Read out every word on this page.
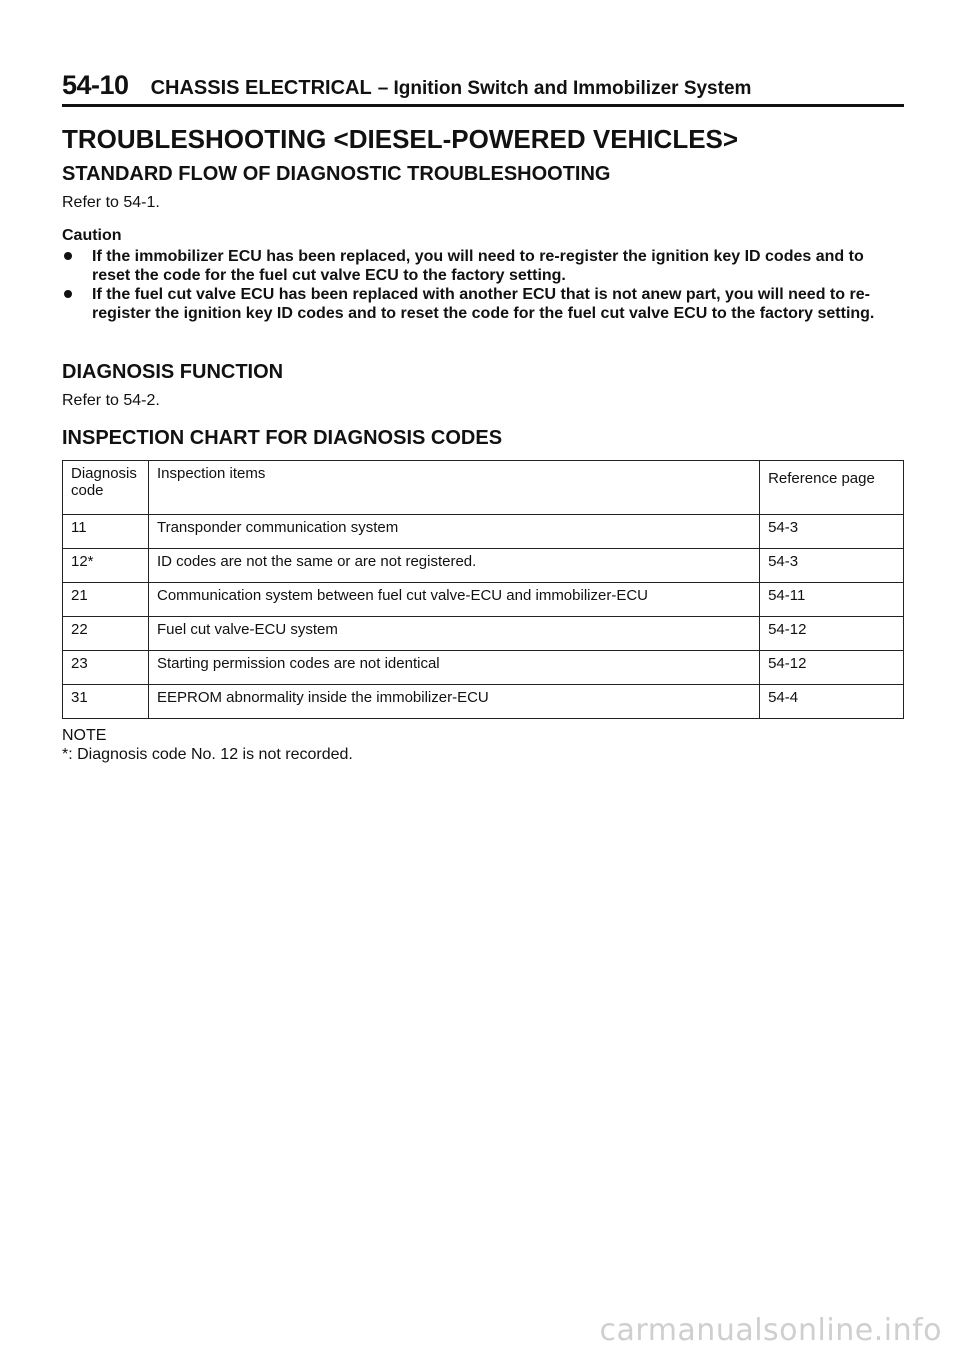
54-10 CHASSIS ELECTRICAL – Ignition Switch and Immobilizer System
TROUBLESHOOTING <DIESEL-POWERED VEHICLES>
STANDARD FLOW OF DIAGNOSTIC TROUBLESHOOTING
Refer to 54-1.
Caution
If the immobilizer ECU has been replaced, you will need to re-register the ignition key ID codes and to reset the code for the fuel cut valve ECU to the factory setting.
If the fuel cut valve ECU has been replaced with another ECU that is not anew part, you will need to re-register the ignition key ID codes and to reset the code for the fuel cut valve ECU to the factory setting.
DIAGNOSIS FUNCTION
Refer to 54-2.
INSPECTION CHART FOR DIAGNOSIS CODES
Diagnosis code	Inspection items	Reference page
11	Transponder communication system	54-3
12*	ID codes are not the same or are not registered.	54-3
21	Communication system between fuel cut valve-ECU and immobilizer-ECU	54-11
22	Fuel cut valve-ECU system	54-12
23	Starting permission codes are not identical	54-12
31	EEPROM abnormality inside the immobilizer-ECU	54-4
NOTE
*: Diagnosis code No. 12 is not recorded.
carmanualsonline.info
